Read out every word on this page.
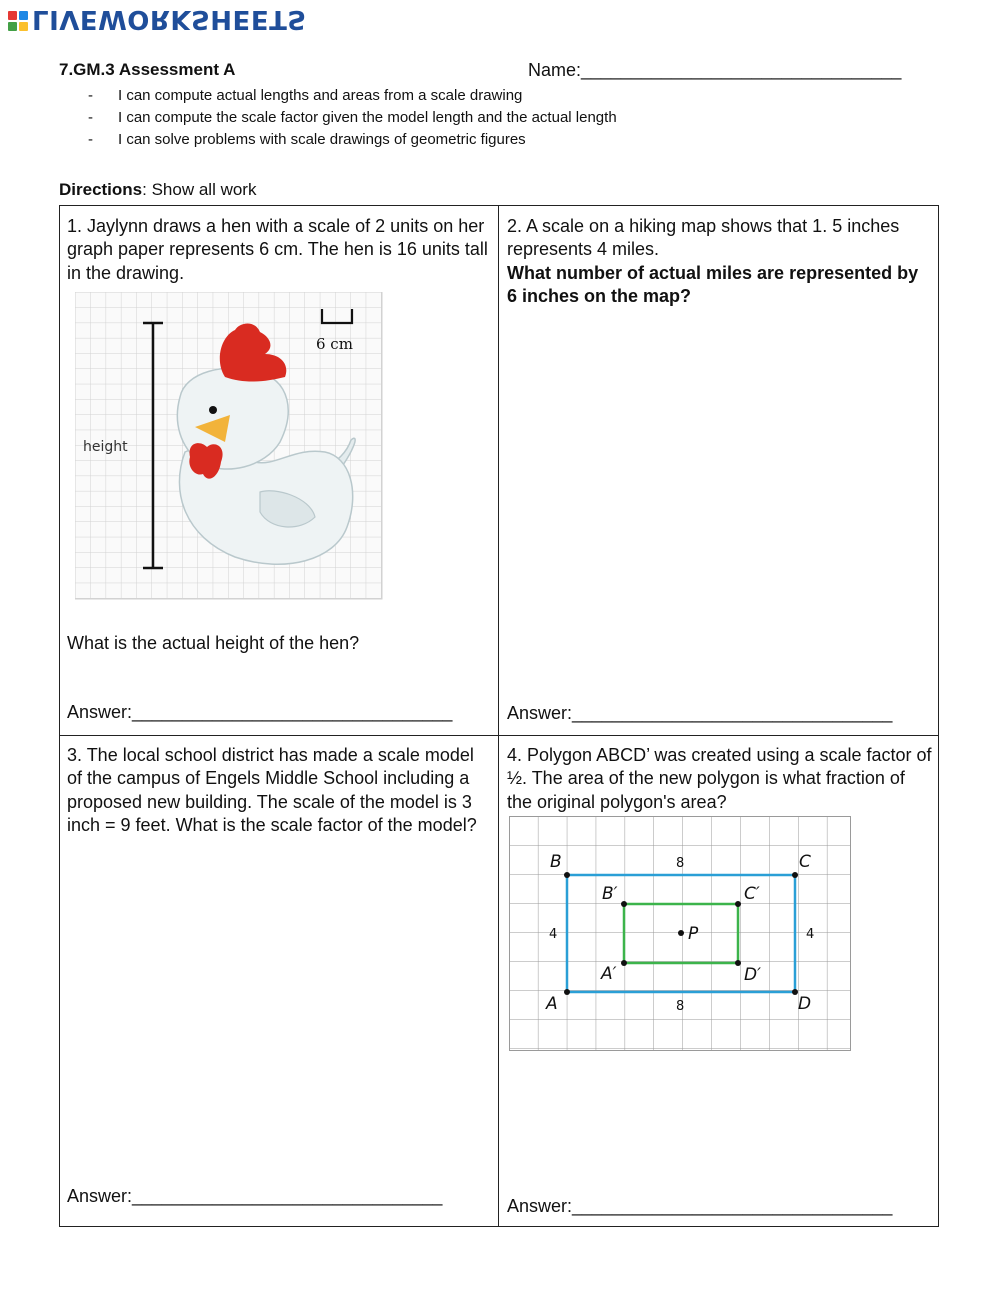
LIVEWORKSHEETS
7.GM.3 Assessment A	Name:________________________________
- I can compute actual lengths and areas from a scale drawing
- I can compute the scale factor given the model length and the actual length
- I can solve problems with scale drawings of geometric figures
Directions: Show all work
1. Jaylynn draws a hen with a scale of 2 units on her graph paper represents 6 cm. The hen is 16 units tall in the drawing.
height
6 cm
What is the actual height of the hen?
Answer:________________________________
2. A scale on a hiking map shows that 1. 5 inches represents 4 miles.
What number of actual miles are represented by 6 inches on the map?
Answer:________________________________
3. The local school district has made a scale model of the campus of Engels Middle School including a proposed new building. The scale of the model is 3 inch = 9 feet. What is the scale factor of the model?
Answer:_______________________________
4. Polygon ABCD’ was created using a scale factor of ½. The area of the new polygon is what fraction of the original polygon's area?
B	C
A	D
B′	C′
A′	D′
P
8
8
4	4
Answer:________________________________
